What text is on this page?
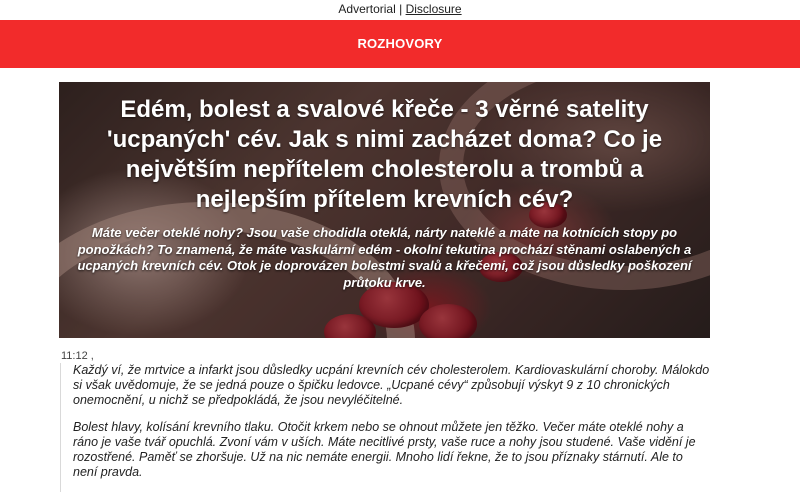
Advertorial | Disclosure
ROZHOVORY
Edém, bolest a svalové křeče - 3 věrné satelity 'ucpaných' cév. Jak s nimi zacházet doma? Co je největším nepřítelem cholesterolu a trombů a nejlepším přítelem krevních cév?

Máte večer oteklé nohy? Jsou vaše chodidla oteklá, nárty nateklé a máte na kotnících stopy po ponožkách? To znamená, že máte vaskulární edém - okolní tekutina prochází stěnami oslabených a ucpaných krevních cév. Otok je doprovázen bolestmi svalů a křečemi, což jsou důsledky poškození průtoku krve.

11:12 ,

Každý ví, že mrtvice a infarkt jsou důsledky ucpání krevních cév cholesterolem. Kardiovaskulární choroby. Málokdo si však uvědomuje, že se jedná pouze o špičku ledovce. „Ucpané cévy“ způsobují výskyt 9 z 10 chronických onemocnění, u nichž se předpokládá, že jsou nevyléčitelné.

Bolest hlavy, kolísání krevního tlaku. Otočit krkem nebo se ohnout můžete jen těžko. Večer máte oteklé nohy a ráno je vaše tvář opuchlá. Zvoní vám v uších. Máte necitlivé prsty, vaše ruce a nohy jsou studené. Vaše vidění je rozostřené. Paměť se zhoršuje. Už na nic nemáte energii. Mnoho lidí řekne, že to jsou příznaky stárnutí. Ale to není pravda.
